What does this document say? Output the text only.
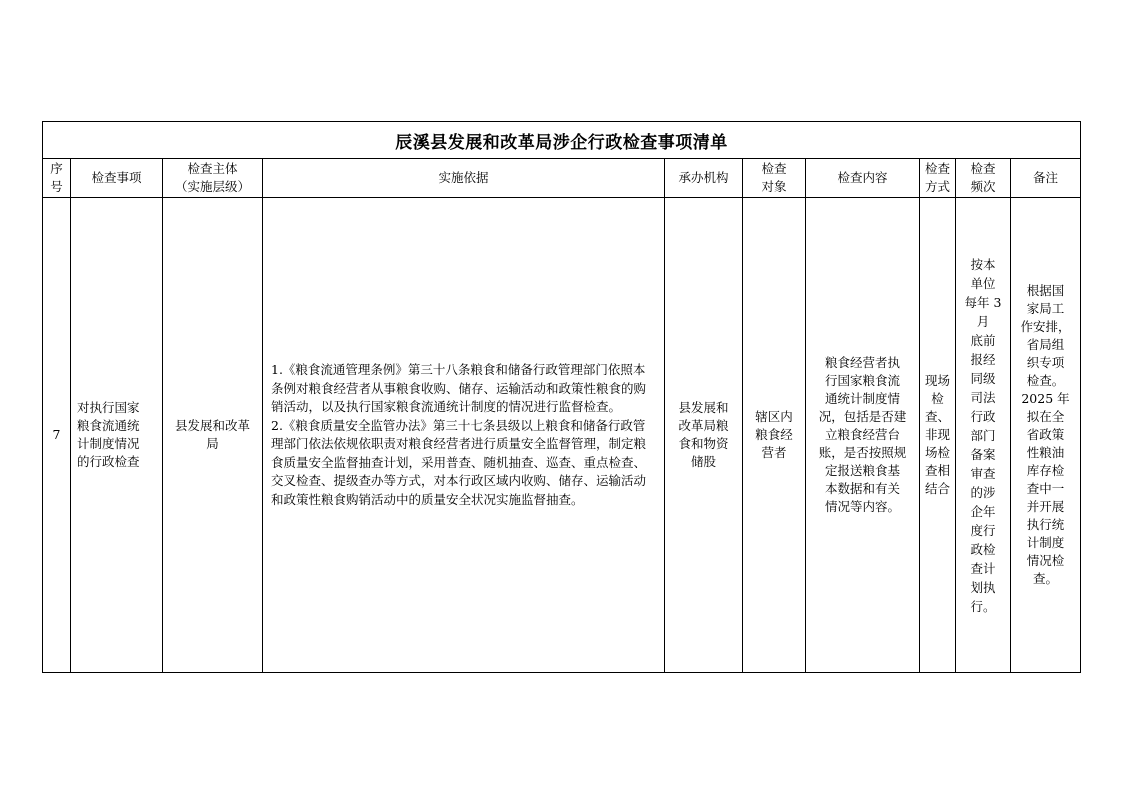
辰溪县发展和改革局涉企行政检查事项清单
序
号
检查事项
检查主体
（实施层级）
实施依据	承办机构
检查
对象
检查内容
检查
方式
检查
频次
备注
7
对执行国家
粮食流通统
计制度情况
的行政检查
县发展和改革
局

1.《粮食流通管理条例》第三十八条粮食和储备行政管理部门依照本条例对粮食经营者从事粮食收购、储存、运输活动和政策性粮食的购销活动，以及执行国家粮食流通统计制度的情况进行监督检查。

2.《粮食质量安全监管办法》第三十七条县级以上粮食和储备行政管理部门依法依规依职责对粮食经营者进行质量安全监督管理，制定粮食质量安全监督抽查计划，采用普查、随机抽查、巡查、重点检查、交叉检查、提级查办等方式，对本行政区域内收购、储存、运输活动和政策性粮食购销活动中的质量安全状况实施监督抽查。

县发展和
改革局粮
食和物资
储股
辖区内
粮食经
营者
粮食经营者执
行国家粮食流
通统计制度情
况，包括是否建
立粮食经营台
账，是否按照规
定报送粮食基
本数据和有关
情况等内容。
现场
检
查、
非现
场检
查相
结合
按本
单位
每年 3
月
底前
报经
同级
司法
行政
部门
备案
审查
的涉
企年
度行
政检
查计
划执
行。
根据国
家局工
作安排，
省局组
织专项
检查。
2025 年
拟在全
省政策
性粮油
库存检
查中一
并开展
执行统
计制度
情况检
查。
